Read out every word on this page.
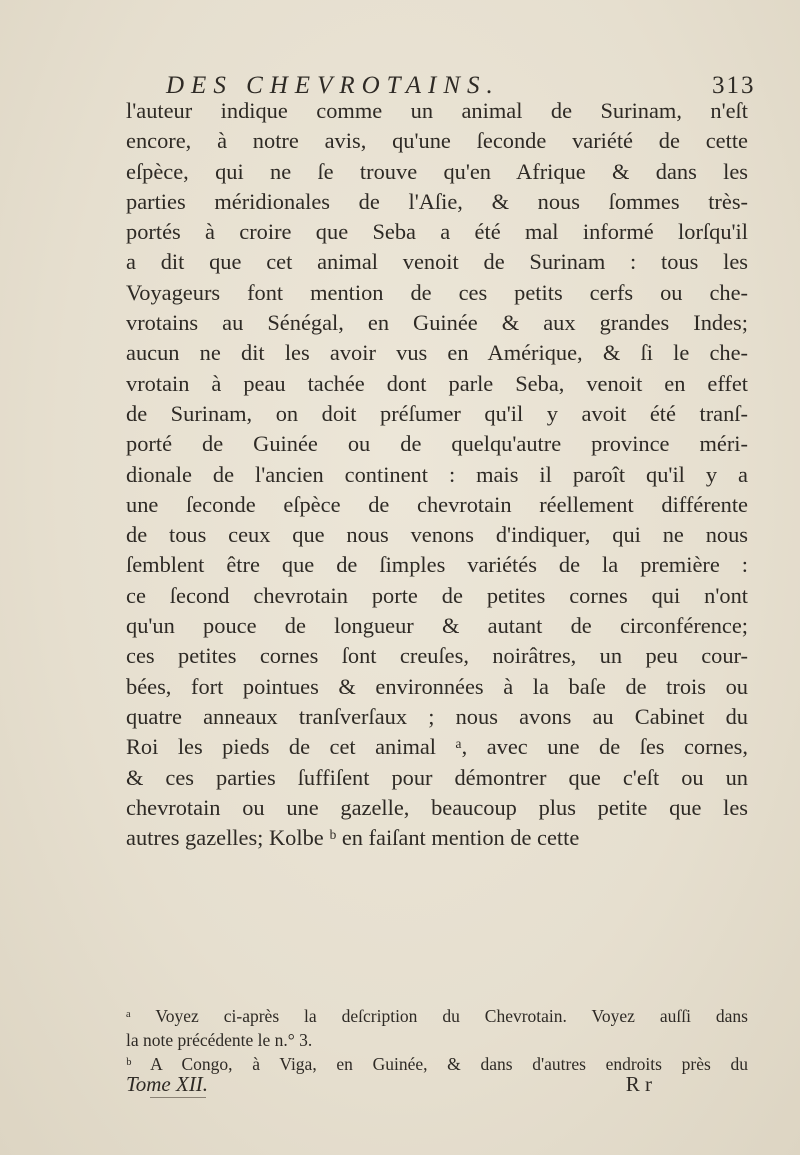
DES CHEVROTAINS.	313
l'auteur indique comme un animal de Surinam, n'eſt
encore, à notre avis, qu'une ſeconde variété de cette
eſpèce, qui ne ſe trouve qu'en Afrique & dans les
parties méridionales de l'Aſie, & nous ſommes très-
portés à croire que Seba a été mal informé lorſqu'il
a dit que cet animal venoit de Surinam : tous les
Voyageurs font mention de ces petits cerfs ou che-
vrotains au Sénégal, en Guinée & aux grandes Indes;
aucun ne dit les avoir vus en Amérique, & ſi le che-
vrotain à peau tachée dont parle Seba, venoit en effet
de Surinam, on doit préſumer qu'il y avoit été tranſ-
porté de Guinée ou de quelqu'autre province méri-
dionale de l'ancien continent : mais il paroît qu'il y a
une ſeconde eſpèce de chevrotain réellement différente
de tous ceux que nous venons d'indiquer, qui ne nous
ſemblent être que de ſimples variétés de la première :
ce ſecond chevrotain porte de petites cornes qui n'ont
qu'un pouce de longueur & autant de circonférence;
ces petites cornes ſont creuſes, noirâtres, un peu cour-
bées, fort pointues & environnées à la baſe de trois ou
quatre anneaux tranſverſaux ; nous avons au Cabinet du
Roi les pieds de cet animal ᵃ, avec une de ſes cornes,
& ces parties ſuffiſent pour démontrer que c'eſt ou un
chevrotain ou une gazelle, beaucoup plus petite que les
autres gazelles; Kolbe ᵇ en faiſant mention de cette
ᵃ Voyez ci-après la deſcription du Chevrotain. Voyez auſſi dans
la note précédente le n.° 3.
ᵇ A Congo, à Viga, en Guinée, & dans d'autres endroits près du
Tome XII.	R r
